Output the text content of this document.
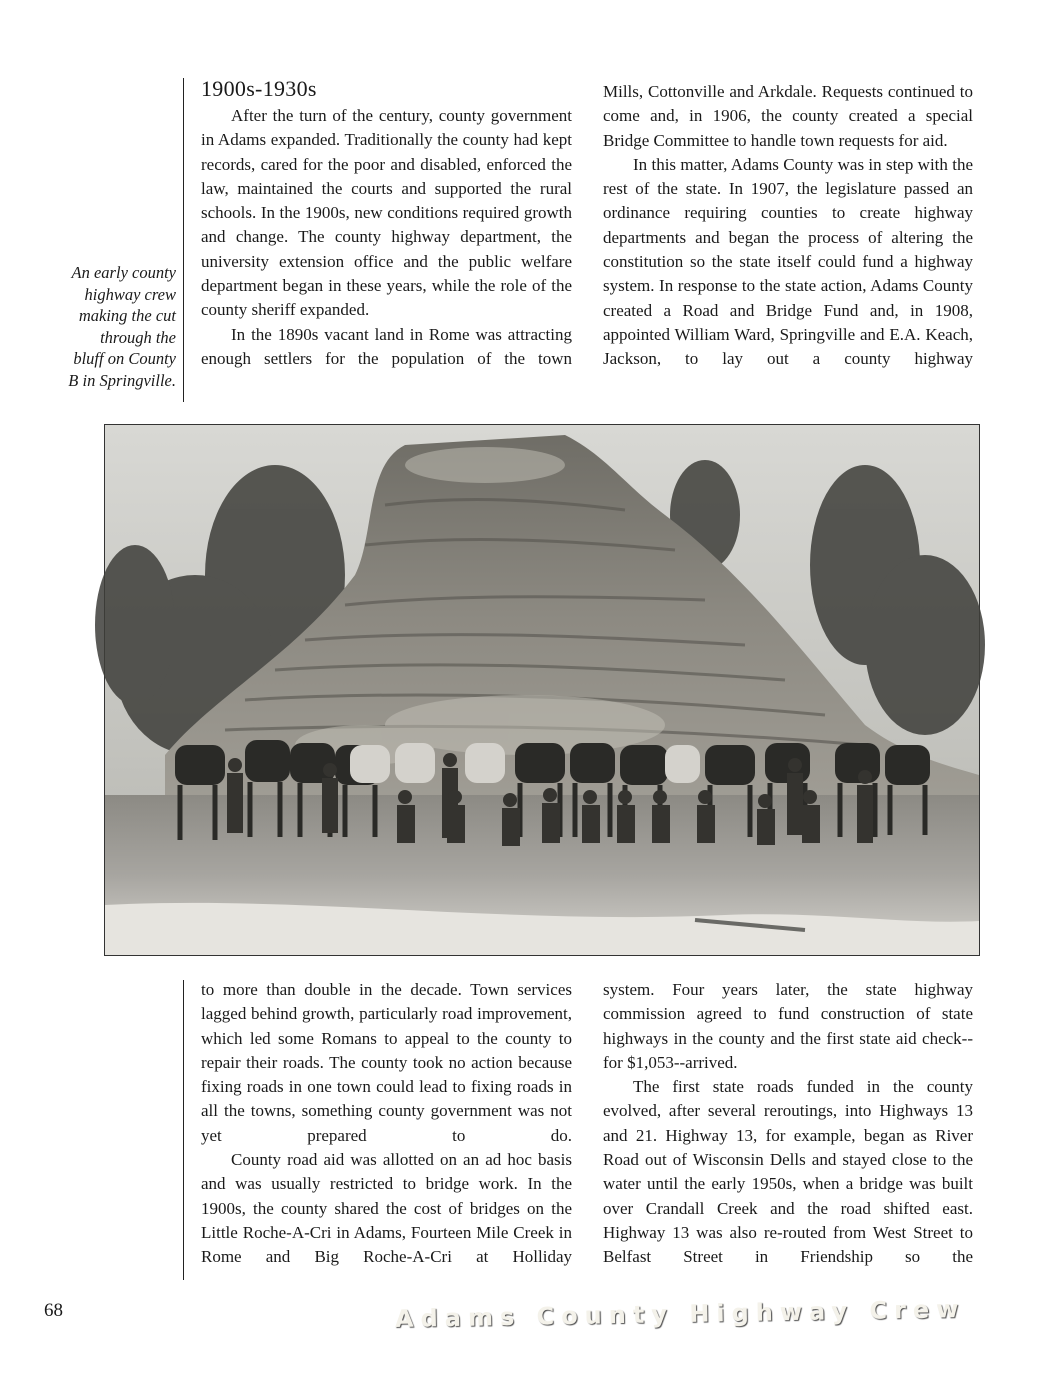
An early county
highway crew
making the cut
through the
bluff on County
B in Springville.
1900s-1930s

After the turn of the century, county government in Adams expanded. Traditionally the county had kept records, cared for the poor and disabled, enforced the law, maintained the courts and supported the rural schools. In the 1900s, new conditions required growth and change. The county highway department, the university extension office and the public welfare department began in these years, while the role of the county sheriff expanded.

In the 1890s vacant land in Rome was attracting enough settlers for the population of the town

Mills, Cottonville and Arkdale. Requests continued to come and, in 1906, the county created a special Bridge Committee to handle town requests for aid.

In this matter, Adams County was in step with the rest of the state. In 1907, the legislature passed an ordinance requiring counties to create highway departments and began the process of altering the constitution so the state itself could fund a highway system. In response to the state action, Adams County created a Road and Bridge Fund and, in 1908, appointed William Ward, Springville and E.A. Keach, Jackson, to lay out a county highway

Adams County Highway Crew

to more than double in the decade. Town services lagged behind growth, particularly road improvement, which led some Romans to appeal to the county to repair their roads. The county took no action because fixing roads in one town could lead to fixing roads in all the towns, something county government was not yet prepared to do.

County road aid was allotted on an ad hoc basis and was usually restricted to bridge work. In the 1900s, the county shared the cost of bridges on the Little Roche-A-Cri in Adams, Fourteen Mile Creek in Rome and Big Roche-A-Cri at Holliday

system. Four years later, the state highway commission agreed to fund construction of state highways in the county and the first state aid check--for $1,053--arrived.

The first state roads funded in the county evolved, after several reroutings, into Highways 13 and 21. Highway 13, for example, began as River Road out of Wisconsin Dells and stayed close to the water until the early 1950s, when a bridge was built over Crandall Creek and the road shifted east. Highway 13 was also re-routed from West Street to Belfast Street in Friendship so the

68
